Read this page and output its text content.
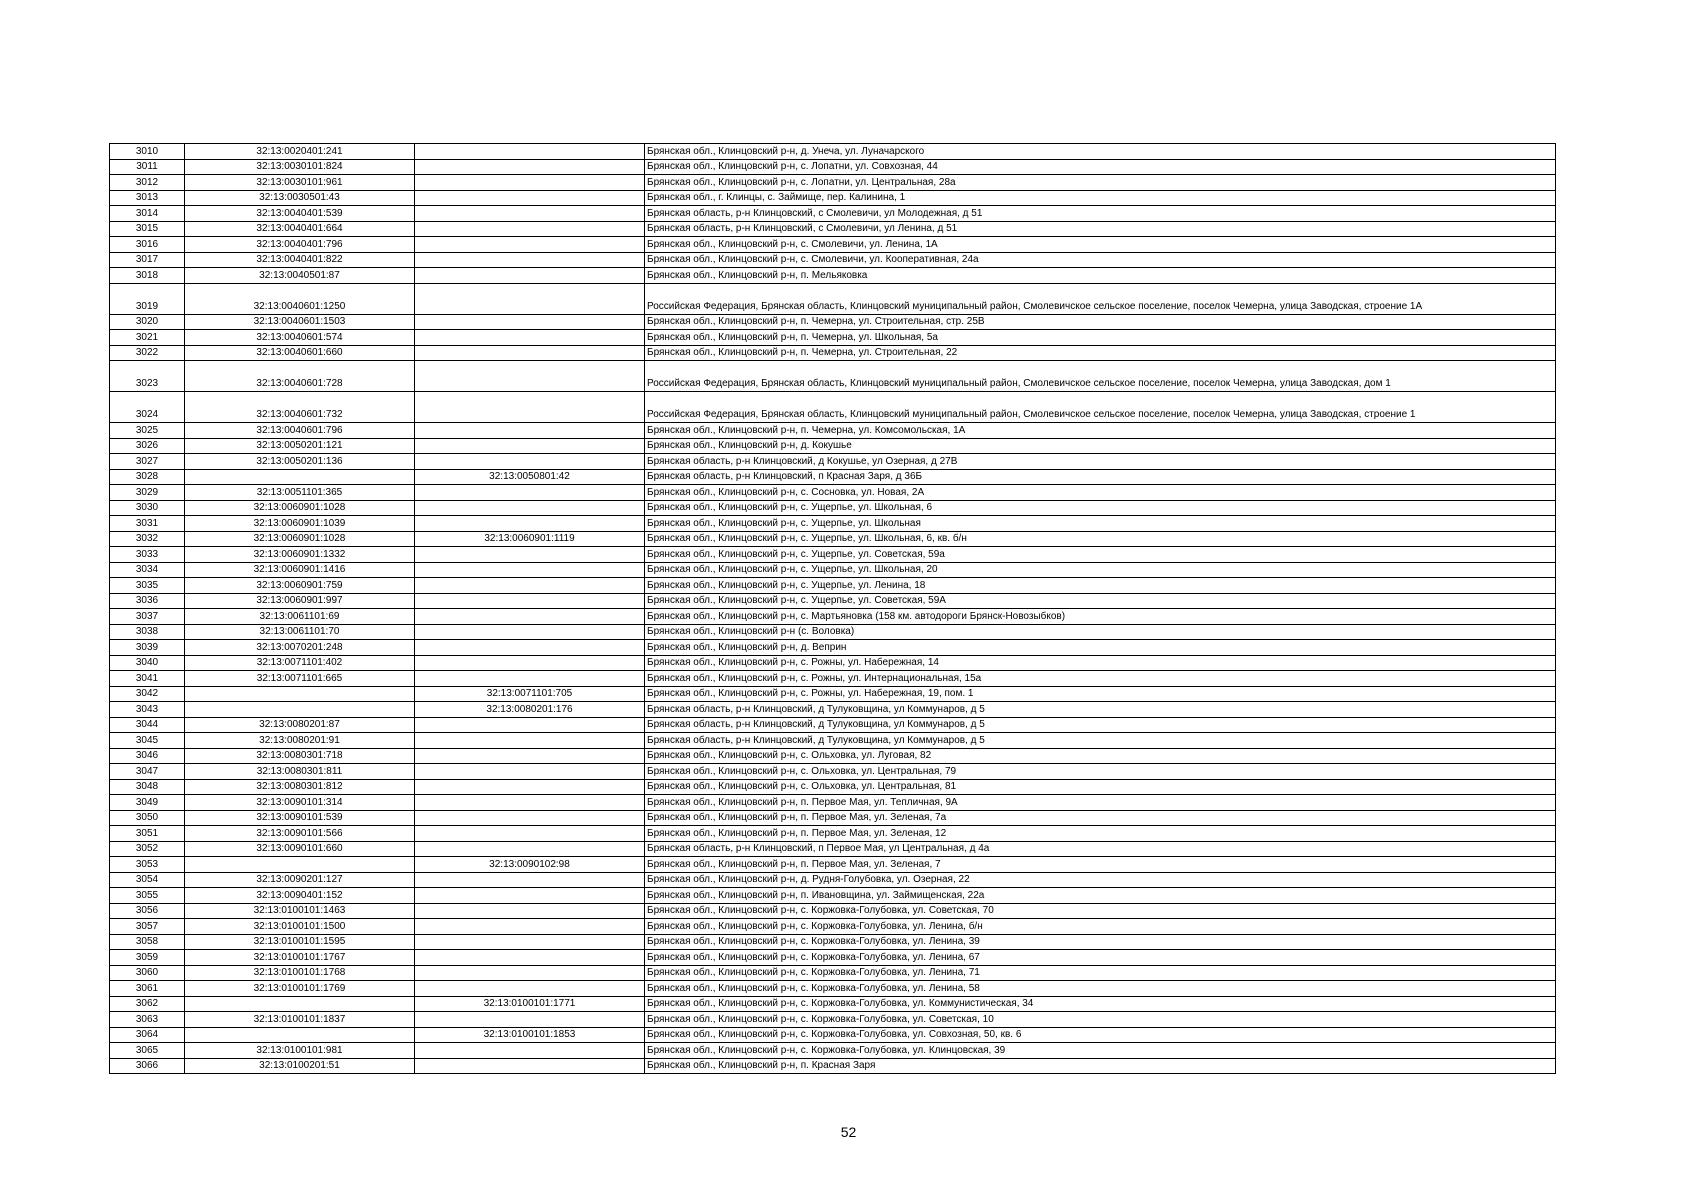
3010	32:13:0020401:241		Брянская обл., Клинцовский р-н, д. Унеча, ул. Луначарского
3011	32:13:0030101:824		Брянская обл., Клинцовский р-н, с. Лопатни, ул. Совхозная, 44
3012	32:13:0030101:961		Брянская обл., Клинцовский р-н, с. Лопатни, ул. Центральная, 28а
3013	32:13:0030501:43		Брянская обл., г. Клинцы, с. Займище, пер. Калинина, 1
3014	32:13:0040401:539		Брянская область, р-н Клинцовский, с Смолевичи, ул Молодежная, д 51
3015	32:13:0040401:664		Брянская область, р-н Клинцовский, с Смолевичи, ул Ленина, д 51
3016	32:13:0040401:796		Брянская обл., Клинцовский р-н, с. Смолевичи, ул. Ленина, 1А
3017	32:13:0040401:822		Брянская обл., Клинцовский р-н, с. Смолевичи, ул. Кооперативная, 24а
3018	32:13:0040501:87		Брянская обл., Клинцовский р-н, п. Мельяковка
3019	32:13:0040601:1250		Российская Федерация, Брянская область, Клинцовский муниципальный район, Смолевичское сельское поселение, поселок Чемерна, улица Заводская, строение 1А
3020	32:13:0040601:1503		Брянская обл., Клинцовский р-н, п. Чемерна, ул. Строительная, стр. 25В
3021	32:13:0040601:574		Брянская обл., Клинцовский р-н, п. Чемерна, ул. Школьная, 5а
3022	32:13:0040601:660		Брянская обл., Клинцовский р-н, п. Чемерна, ул. Строительная, 22
3023	32:13:0040601:728		Российская Федерация, Брянская область, Клинцовский муниципальный район, Смолевичское сельское поселение, поселок Чемерна, улица Заводская, дом 1
3024	32:13:0040601:732		Российская Федерация, Брянская область, Клинцовский муниципальный район, Смолевичское сельское поселение, поселок Чемерна, улица Заводская, строение 1
3025	32:13:0040601:796		Брянская обл., Клинцовский р-н, п. Чемерна, ул. Комсомольская, 1А
3026	32:13:0050201:121		Брянская обл., Клинцовский р-н, д. Кокушье
3027	32:13:0050201:136		Брянская область, р-н Клинцовский, д Кокушье, ул Озерная, д 27В
3028		32:13:0050801:42	Брянская область, р-н Клинцовский, п Красная Заря, д 36Б
3029	32:13:0051101:365		Брянская обл., Клинцовский р-н, с. Сосновка, ул. Новая, 2А
3030	32:13:0060901:1028		Брянская обл., Клинцовский р-н, с. Ущерпье, ул. Школьная, 6
3031	32:13:0060901:1039		Брянская обл., Клинцовский р-н, с. Ущерпье, ул. Школьная
3032	32:13:0060901:1028	32:13:0060901:1119	Брянская обл., Клинцовский р-н, с. Ущерпье, ул. Школьная, 6, кв. б/н
3033	32:13:0060901:1332		Брянская обл., Клинцовский р-н, с. Ущерпье, ул. Советская, 59а
3034	32:13:0060901:1416		Брянская обл., Клинцовский р-н, с. Ущерпье, ул. Школьная, 20
3035	32:13:0060901:759		Брянская обл., Клинцовский р-н, с. Ущерпье, ул. Ленина, 18
3036	32:13:0060901:997		Брянская обл., Клинцовский р-н, с. Ущерпье, ул. Советская, 59А
3037	32:13:0061101:69		Брянская обл., Клинцовский р-н, с. Мартьяновка (158 км. автодороги Брянск-Новозыбков)
3038	32:13:0061101:70		Брянская обл., Клинцовский р-н (с. Воловка)
3039	32:13:0070201:248		Брянская обл., Клинцовский р-н, д. Веприн
3040	32:13:0071101:402		Брянская обл., Клинцовский р-н, с. Рожны, ул. Набережная, 14
3041	32:13:0071101:665		Брянская обл., Клинцовский р-н, с. Рожны, ул. Интернациональная, 15а
3042		32:13:0071101:705	Брянская обл., Клинцовский р-н, с. Рожны, ул. Набережная, 19, пом. 1
3043		32:13:0080201:176	Брянская область, р-н Клинцовский, д Тулуковщина, ул Коммунаров, д 5
3044	32:13:0080201:87		Брянская область, р-н Клинцовский, д Тулуковщина, ул Коммунаров, д 5
3045	32:13:0080201:91		Брянская область, р-н Клинцовский, д Тулуковщина, ул Коммунаров, д 5
3046	32:13:0080301:718		Брянская обл., Клинцовский р-н, с. Ольховка, ул. Луговая, 82
3047	32:13:0080301:811		Брянская обл., Клинцовский р-н, с. Ольховка, ул. Центральная, 79
3048	32:13:0080301:812		Брянская обл., Клинцовский р-н, с. Ольховка, ул. Центральная, 81
3049	32:13:0090101:314		Брянская обл., Клинцовский р-н, п. Первое Мая, ул. Тепличная, 9А
3050	32:13:0090101:539		Брянская обл., Клинцовский р-н, п. Первое Мая, ул. Зеленая, 7а
3051	32:13:0090101:566		Брянская обл., Клинцовский р-н, п. Первое Мая, ул. Зеленая, 12
3052	32:13:0090101:660		Брянская область, р-н Клинцовский, п Первое Мая, ул Центральная, д 4а
3053		32:13:0090102:98	Брянская обл., Клинцовский р-н, п. Первое Мая, ул. Зеленая, 7
3054	32:13:0090201:127		Брянская обл., Клинцовский р-н, д. Рудня-Голубовка, ул. Озерная, 22
3055	32:13:0090401:152		Брянская обл., Клинцовский р-н, п. Ивановщина, ул. Займищенская, 22а
3056	32:13:0100101:1463		Брянская обл., Клинцовский р-н, с. Коржовка-Голубовка, ул. Советская, 70
3057	32:13:0100101:1500		Брянская обл., Клинцовский р-н, с. Коржовка-Голубовка, ул. Ленина, б/н
3058	32:13:0100101:1595		Брянская обл., Клинцовский р-н, с. Коржовка-Голубовка, ул. Ленина, 39
3059	32:13:0100101:1767		Брянская обл., Клинцовский р-н, с. Коржовка-Голубовка, ул. Ленина, 67
3060	32:13:0100101:1768		Брянская обл., Клинцовский р-н, с. Коржовка-Голубовка, ул. Ленина, 71
3061	32:13:0100101:1769		Брянская обл., Клинцовский р-н, с. Коржовка-Голубовка, ул. Ленина, 58
3062		32:13:0100101:1771	Брянская обл., Клинцовский р-н, с. Коржовка-Голубовка, ул. Коммунистическая, 34
3063	32:13:0100101:1837		Брянская обл., Клинцовский р-н, с. Коржовка-Голубовка, ул. Советская, 10
3064		32:13:0100101:1853	Брянская обл., Клинцовский р-н, с. Коржовка-Голубовка, ул. Совхозная, 50, кв. 6
3065	32:13:0100101:981		Брянская обл., Клинцовский р-н, с. Коржовка-Голубовка, ул. Клинцовская, 39
3066	32:13:0100201:51		Брянская обл., Клинцовский р-н, п. Красная Заря
52
